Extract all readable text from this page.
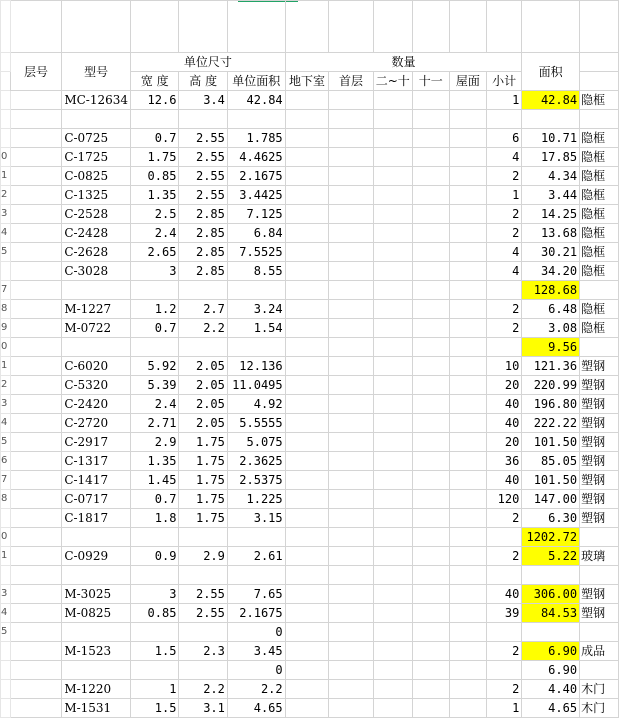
	层号	型号	单位尺寸			数量						面积	
			宽 度	高 度	单位面积	地下室	首层	二~十	十一	屋面	小计		
		MC-12634	12.6	3.4	42.84						1	42.84	隐框

		C-0725	0.7	2.55	1.785						6	10.71	隐框
0		C-1725	1.75	2.55	4.4625						4	17.85	隐框
1		C-0825	0.85	2.55	2.1675						2	4.34	隐框
2		C-1325	1.35	2.55	3.4425						1	3.44	隐框
3		C-2528	2.5	2.85	7.125						2	14.25	隐框
4		C-2428	2.4	2.85	6.84						2	13.68	隐框
5		C-2628	2.65	2.85	7.5525						4	30.21	隐框
		C-3028	3	2.85	8.55						4	34.20	隐框
7												128.68	
8		M-1227	1.2	2.7	3.24						2	6.48	隐框
9		M-0722	0.7	2.2	1.54						2	3.08	隐框
0												9.56	
1		C-6020	5.92	2.05	12.136						10	121.36	塑钢
2		C-5320	5.39	2.05	11.0495						20	220.99	塑钢
3		C-2420	2.4	2.05	4.92						40	196.80	塑钢
4		C-2720	2.71	2.05	5.5555						40	222.22	塑钢
5		C-2917	2.9	1.75	5.075						20	101.50	塑钢
6		C-1317	1.35	1.75	2.3625						36	85.05	塑钢
7		C-1417	1.45	1.75	2.5375						40	101.50	塑钢
8		C-0717	0.7	1.75	1.225						120	147.00	塑钢
		C-1817	1.8	1.75	3.15						2	6.30	塑钢
0												1202.72	
1		C-0929	0.9	2.9	2.61						2	5.22	玻璃

3		M-3025	3	2.55	7.65						40	306.00	塑钢
4		M-0825	0.85	2.55	2.1675						39	84.53	塑钢
5					0								
		M-1523	1.5	2.3	3.45						2	6.90	成品
					0							6.90	
		M-1220	1	2.2	2.2						2	4.40	木门
		M-1531	1.5	3.1	4.65						1	4.65	木门
